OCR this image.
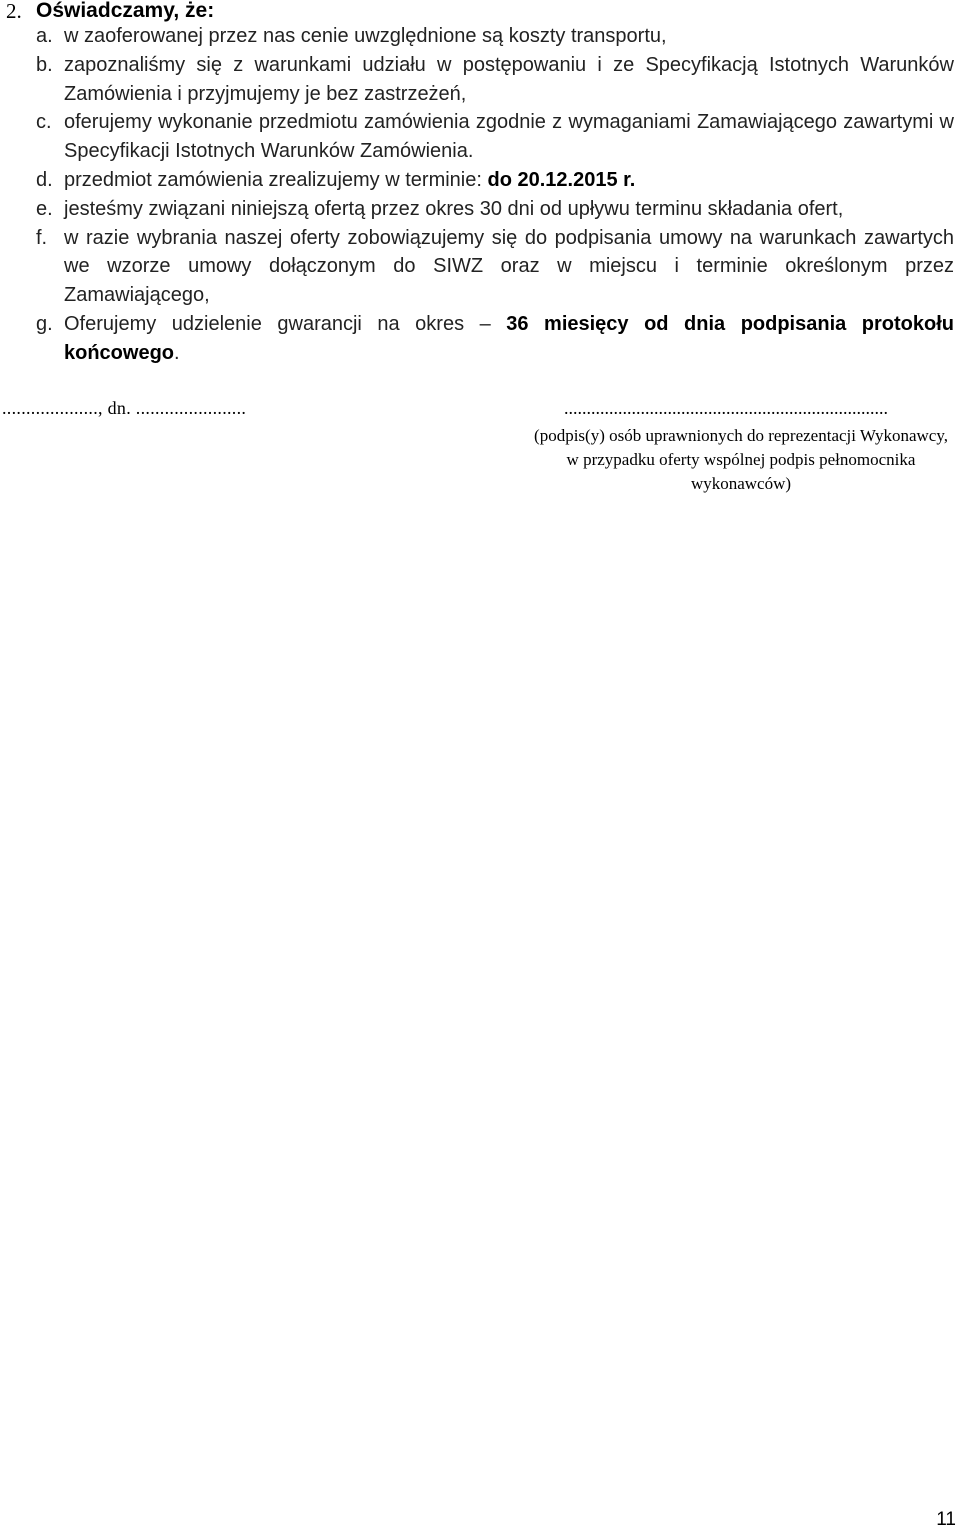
2. Oświadczamy, że:
a. w zaoferowanej przez nas cenie uwzględnione są koszty transportu,
b. zapoznaliśmy się z warunkami udziału w postępowaniu i ze Specyfikacją Istotnych Warunków Zamówienia i przyjmujemy je bez zastrzeżeń,
c. oferujemy wykonanie przedmiotu zamówienia zgodnie z wymaganiami Zamawiającego zawartymi w Specyfikacji Istotnych Warunków Zamówienia.
d. przedmiot zamówienia zrealizujemy w terminie: do 20.12.2015 r.
e. jesteśmy związani niniejszą ofertą przez okres 30 dni od upływu terminu składania ofert,
f. w razie wybrania naszej oferty zobowiązujemy się do podpisania umowy na warunkach zawartych we wzorze umowy dołączonym do SIWZ oraz w miejscu i terminie określonym przez Zamawiającego,
g. Oferujemy udzielenie gwarancji na okres – 36 miesięcy od dnia podpisania protokołu końcowego.
...................., dn. .......................	........................................................................
(podpis(y) osób uprawnionych do reprezentacji Wykonawcy, w przypadku oferty wspólnej podpis pełnomocnika wykonawców)
11
